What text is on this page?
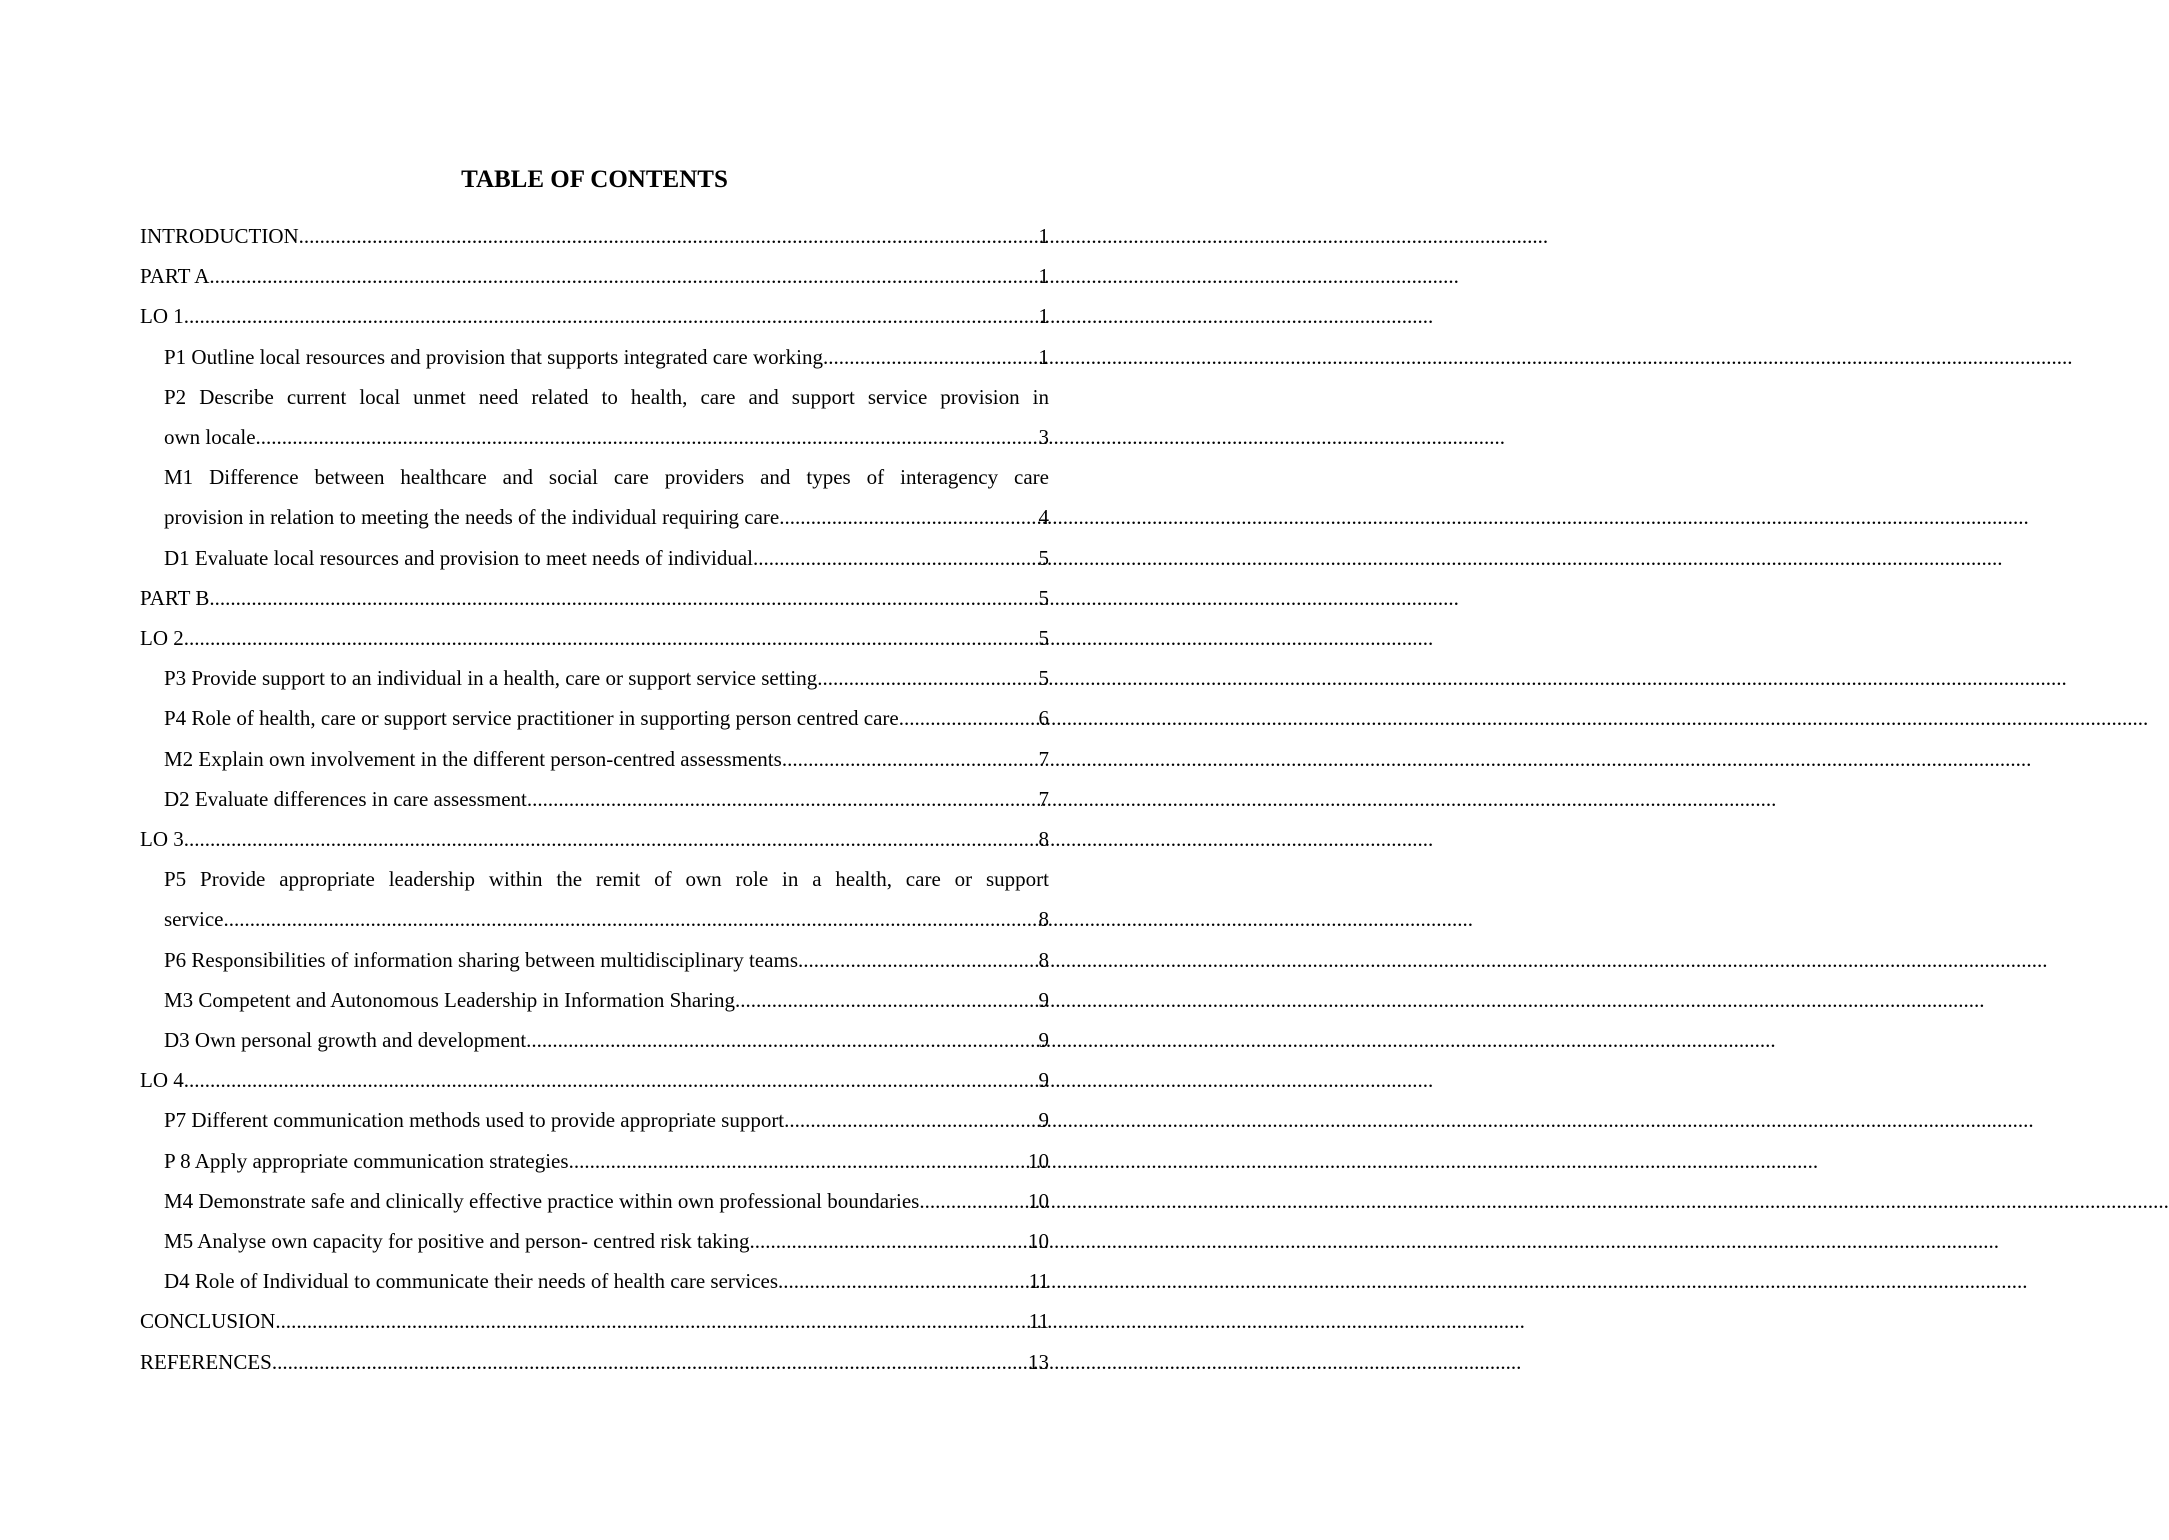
TABLE OF CONTENTS
INTRODUCTION .....	1
PART A .....	1
LO 1 .....	1
P1 Outline local resources and provision that supports integrated care working .....	1
P2 Describe current local unmet need related to health, care and support service provision in
own locale .....	3
M1 Difference between healthcare and social care providers and types of interagency care
provision in relation to meeting the needs of the individual requiring care .....	4
D1 Evaluate local resources and provision to meet needs of individual .....	5
PART B .....	5
LO 2 .....	5
P3 Provide support to an individual in a health, care or support service setting .....	5
P4 Role of health, care or support service practitioner in supporting person centred care .....	6
M2 Explain own involvement in the different person-centred assessments .....	7
D2 Evaluate differences in care assessment .....	7
LO 3 .....	8
P5 Provide appropriate leadership within the remit of own role in a health, care or support
service .....	8
P6 Responsibilities of information sharing between multidisciplinary teams .....	8
M3 Competent and Autonomous Leadership in Information Sharing .....	9
D3 Own personal growth and development .....	9
LO 4 .....	9
P7 Different communication methods used to provide appropriate support .....	9
P 8 Apply appropriate communication strategies .....	10
M4 Demonstrate safe and clinically effective practice within own professional boundaries .....	10
M5 Analyse own capacity for positive and person- centred risk taking .....	10
D4 Role of Individual to communicate their needs of health care services .....	11
CONCLUSION .....	11
REFERENCES .....	13
